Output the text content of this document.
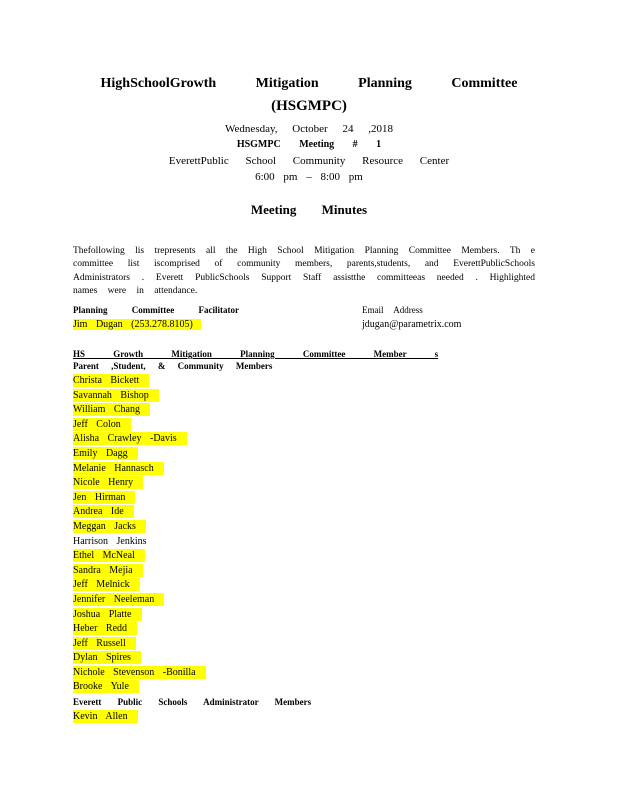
HighSchoolGrowth Mitigation Planning Committee
(HSGMPC)
Wednesday, October 24 ,2018
HSGMPC Meeting # 1
EverettPublic School Community Resource Center
6:00 pm – 8:00 pm
Meeting Minutes

Thefollowing lis trepresents all the High School Mitigation Planning Committee Members. Th e committee list iscomprised of community members, parents,students, and EverettPublicSchools Administrators . Everett PublicSchools Support Staff assistthe committeeas needed . Highlighted names were in attendance.

Planning Committee Facilitator	Email Address
Jim Dugan (253.278.8105)	jdugan@parametrix.com
HS Growth Mitigation Planning Committee Member s
Parent ,Student, & Community Members
Christa Bickett
Savannah Bishop
William Chang
Jeff Colon
Alisha Crawley -Davis
Emily Dagg
Melanie Hannasch
Nicole Henry
Jen Hirman
Andrea Ide
Meggan Jacks
Harrison Jenkins
Ethel McNeal
Sandra Mejia
Jeff Melnick
Jennifer Neeleman
Joshua Platte
Heber Redd
Jeff Russell
Dylan Spires
Nichole Stevenson -Bonilla
Brooke Yule
Everett Public Schools Administrator Members
Kevin Allen
